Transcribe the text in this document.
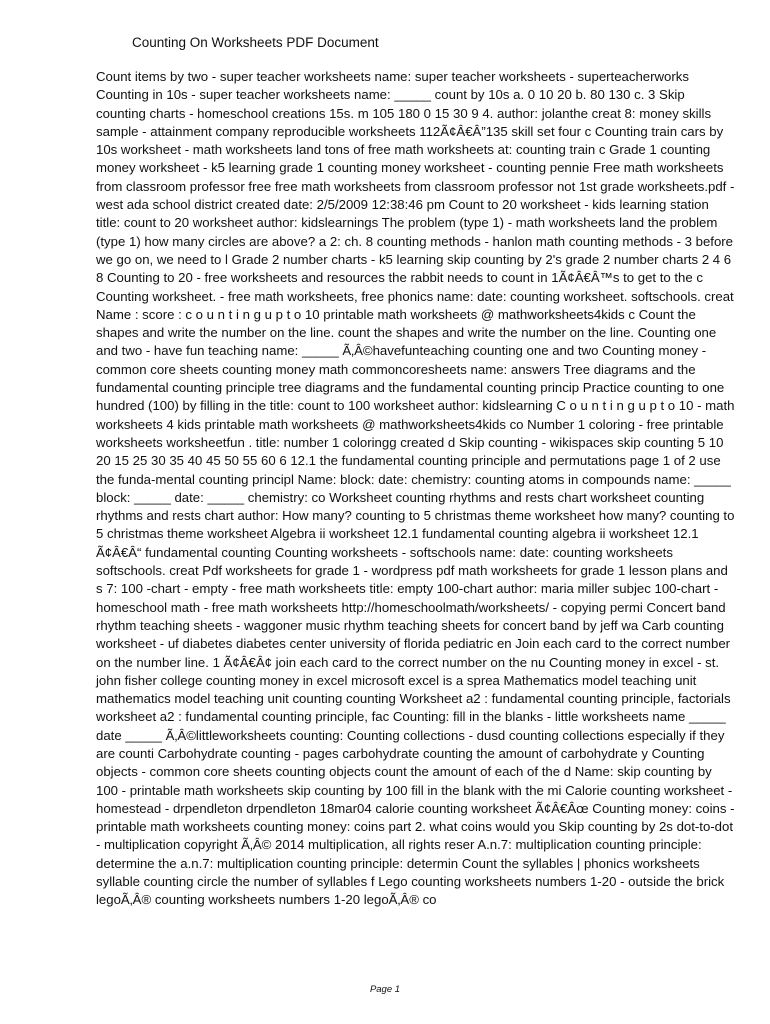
Counting On Worksheets PDF Document

Count items by two - super teacher worksheets name: super teacher worksheets - superteacherworks Counting in 10s - super teacher worksheets name: _____ count by 10s a. 0 10 20 b. 80 130 c. 3 Skip counting charts - homeschool creations 15s. m 105 180 0 15 30 9 4. author: jolanthe creat 8: money skills sample - attainment company reproducible worksheets 112Ã¢Â€Â”135 skill set four c Counting train cars by 10s worksheet - math worksheets land tons of free math worksheets at: counting train c Grade 1 counting money worksheet - k5 learning grade 1 counting money worksheet - counting pennie Free math worksheets from classroom professor free free math worksheets from classroom professor not 1st grade worksheets.pdf - west ada school district created date: 2/5/2009 12:38:46 pm Count to 20 worksheet - kids learning station title: count to 20 worksheet author: kidslearnings The problem (type 1) - math worksheets land the problem (type 1) how many circles are above? a 2: ch. 8 counting methods - hanlon math counting methods - 3 before we go on, we need to l Grade 2 number charts - k5 learning skip counting by 2's grade 2 number charts 2 4 6 8 Counting to 20 - free worksheets and resources the rabbit needs to count in 1Ã¢Â€Â™s to get to the c Counting worksheet. - free math worksheets, free phonics name: date: counting worksheet. softschools. creat Name : score : c o u n t i n g u p t o 10 printable math worksheets @ mathworksheets4kids c Count the shapes and write the number on the line. count the shapes and write the number on the line. Counting one and two - have fun teaching name: _____ Ã‚Â©havefunteaching counting one and two Counting money - common core sheets counting money math commoncoresheets name: answers Tree diagrams and the fundamental counting principle tree diagrams and the fundamental counting princip Practice counting to one hundred (100) by filling in the title: count to 100 worksheet author: kidslearning C o u n t i n g u p t o 10 - math worksheets 4 kids printable math worksheets @ mathworksheets4kids co Number 1 coloring - free printable worksheets worksheetfun . title: number 1 coloringg created d Skip counting - wikispaces skip counting 5 10 20 15 25 30 35 40 45 50 55 60 6 12.1 the fundamental counting principle and permutations page 1 of 2 use the funda-mental counting principl Name: block: date: chemistry: counting atoms in compounds name: _____ block: _____ date: _____ chemistry: co Worksheet counting rhythms and rests chart worksheet counting rhythms and rests chart author: How many? counting to 5 christmas theme worksheet how many? counting to 5 christmas theme worksheet Algebra ii worksheet 12.1 fundamental counting algebra ii worksheet 12.1 Ã¢Â€Â“ fundamental counting Counting worksheets - softschools name: date: counting worksheets softschools. creat Pdf worksheets for grade 1 - wordpress pdf math worksheets for grade 1 lesson plans and s 7: 100 -chart - empty - free math worksheets title: empty 100-chart author: maria miller subjec 100-chart - homeschool math - free math worksheets http://homeschoolmath/worksheets/ - copying permi Concert band rhythm teaching sheets - waggoner music rhythm teaching sheets for concert band by jeff wa Carb counting worksheet - uf diabetes diabetes center university of florida pediatric en Join each card to the correct number on the number line. 1 Ã¢Â€Â¢ join each card to the correct number on the nu Counting money in excel - st. john fisher college counting money in excel microsoft excel is a sprea Mathematics model teaching unit mathematics model teaching unit counting counting Worksheet a2 : fundamental counting principle, factorials worksheet a2 : fundamental counting principle, fac Counting: fill in the blanks - little worksheets name _____ date _____ Ã‚Â©littleworksheets counting: Counting collections - dusd counting collections especially if they are counti Carbohydrate counting - pages carbohydrate counting the amount of carbohydrate y Counting objects - common core sheets counting objects count the amount of each of the d Name: skip counting by 100 - printable math worksheets skip counting by 100 fill in the blank with the mi Calorie counting worksheet - homestead - drpendleton drpendleton 18mar04 calorie counting worksheet Ã¢Â€Âœ Counting money: coins - printable math worksheets counting money: coins part 2. what coins would you Skip counting by 2s dot-to-dot - multiplication copyright Ã‚Â© 2014 multiplication, all rights reser A.n.7: multiplication counting principle: determine the a.n.7: multiplication counting principle: determin Count the syllables | phonics worksheets syllable counting circle the number of syllables f Lego counting worksheets numbers 1-20 - outside the brick legoÃ‚Â® counting worksheets numbers 1-20 legoÃ‚Â® co

Page 1
